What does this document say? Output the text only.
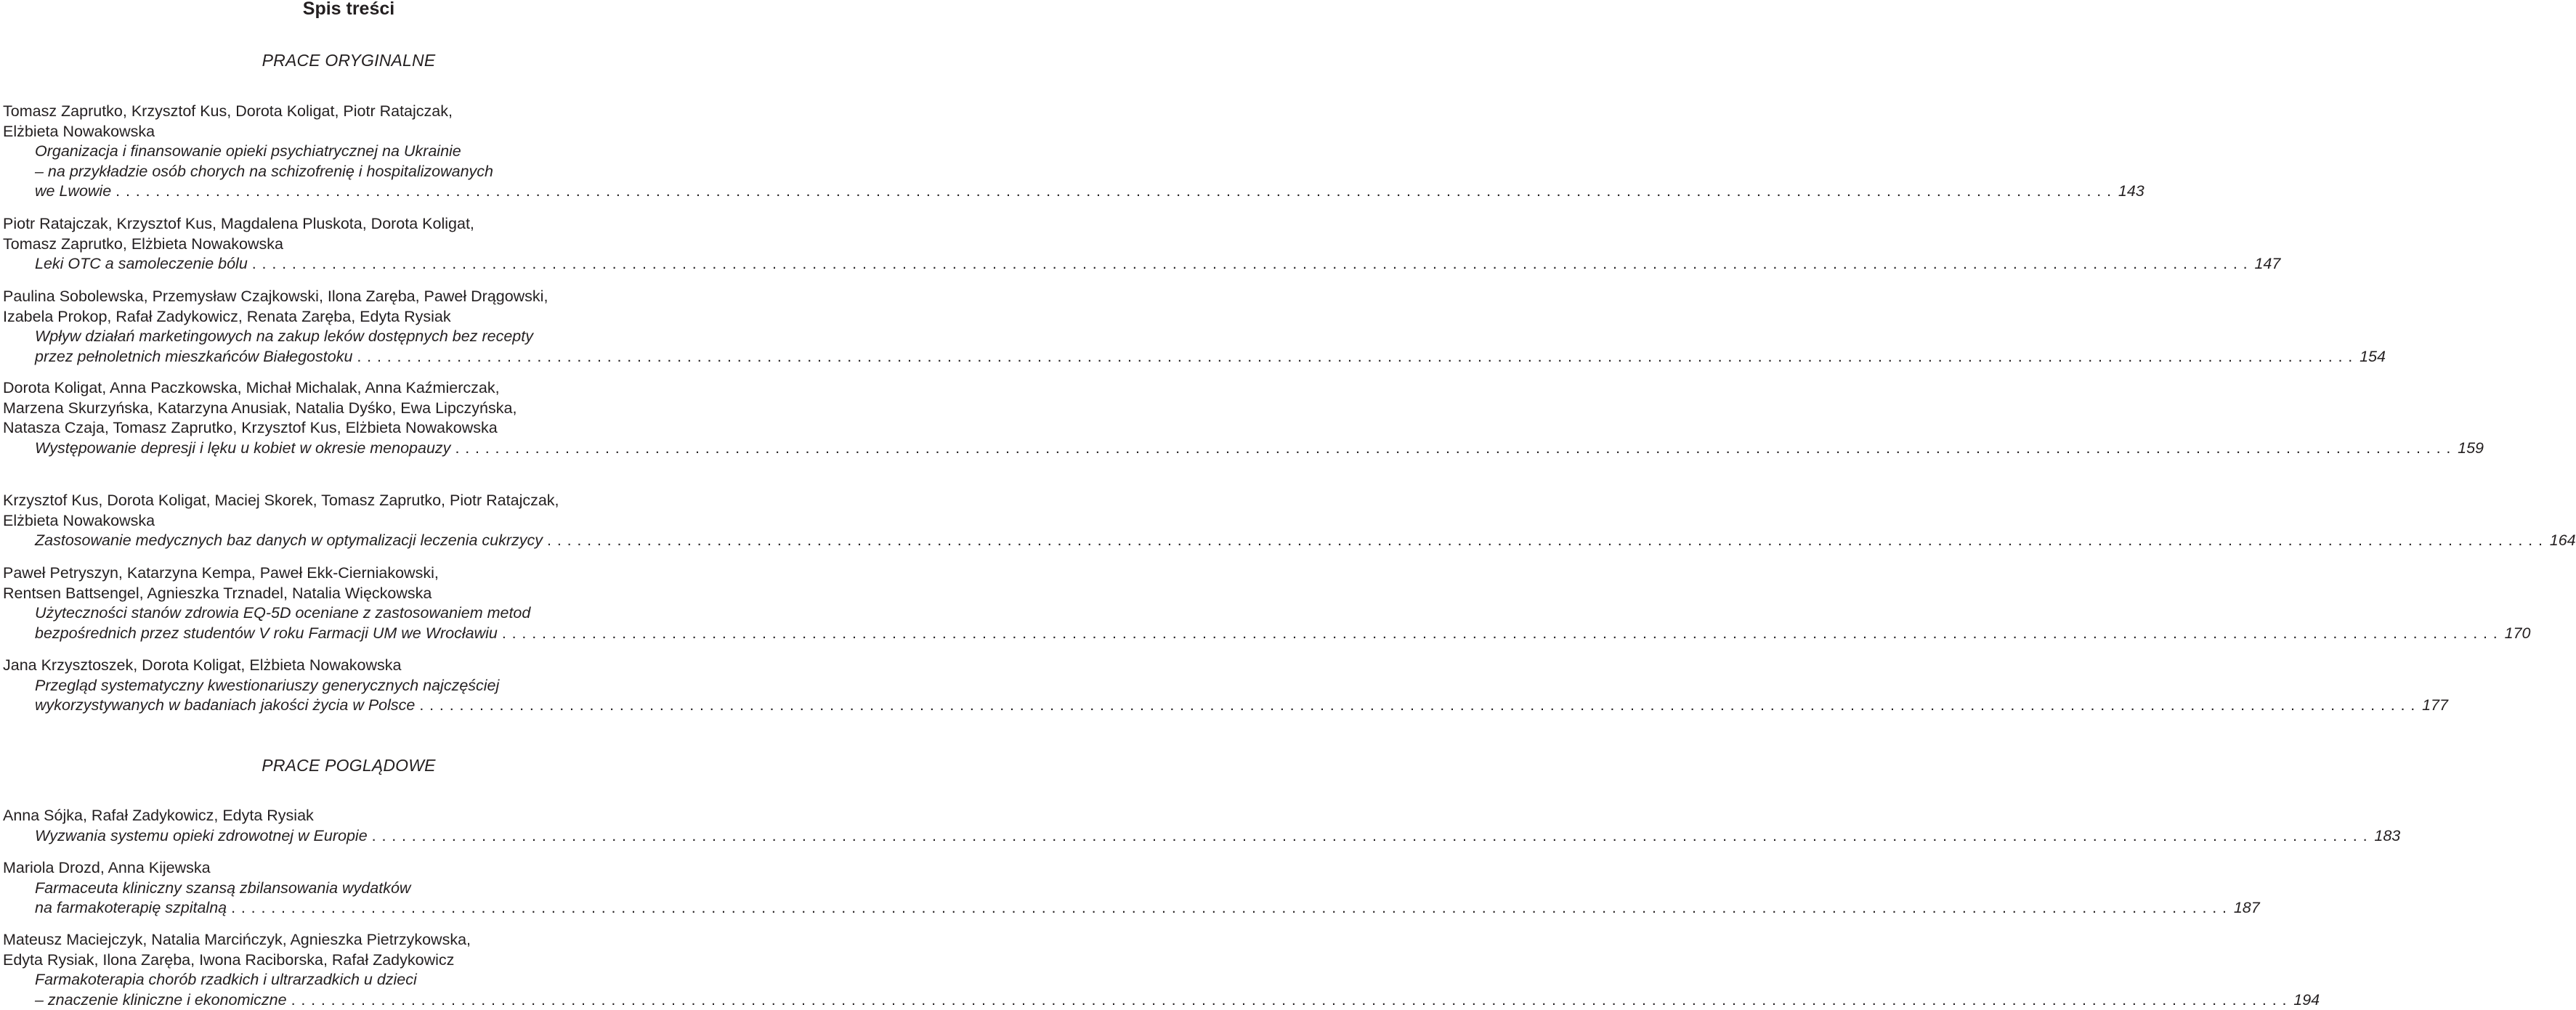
Spis treści
PRACE ORYGINALNE
Tomasz Zaprutko, Krzysztof Kus, Dorota Koligat, Piotr Ratajczak,
Elżbieta Nowakowska
Organizacja i finansowanie opieki psychiatrycznej na Ukrainie
– na przykładzie osób chorych na schizofrenię i hospitalizowanych
we Lwowie ........................................................................................................................................................................................................ 143
Piotr Ratajczak, Krzysztof Kus, Magdalena Pluskota, Dorota Koligat,
Tomasz Zaprutko, Elżbieta Nowakowska
Leki OTC a samoleczenie bólu ........................................................................................................................................................................................................ 147
Paulina Sobolewska, Przemysław Czajkowski, Ilona Zaręba, Paweł Drągowski,
Izabela Prokop, Rafał Zadykowicz, Renata Zaręba, Edyta Rysiak
Wpływ działań marketingowych na zakup leków dostępnych bez recepty
przez pełnoletnich mieszkańców Białegostoku ........................................................................................................................................................................................................ 154
Dorota Koligat, Anna Paczkowska, Michał Michalak, Anna Kaźmierczak,
Marzena Skurzyńska, Katarzyna Anusiak, Natalia Dyśko, Ewa Lipczyńska,
Natasza Czaja, Tomasz Zaprutko, Krzysztof Kus, Elżbieta Nowakowska
Występowanie depresji i lęku u kobiet w okresie menopauzy ........................................................................................................................................................................................................ 159
Krzysztof Kus, Dorota Koligat, Maciej Skorek, Tomasz Zaprutko, Piotr Ratajczak,
Elżbieta Nowakowska
Zastosowanie medycznych baz danych w optymalizacji leczenia cukrzycy ........................................................................................................................................................................................................ 164
Paweł Petryszyn, Katarzyna Kempa, Paweł Ekk-Cierniakowski,
Rentsen Battsengel, Agnieszka Trznadel, Natalia Więckowska
Użyteczności stanów zdrowia EQ-5D oceniane z zastosowaniem metod
bezpośrednich przez studentów V roku Farmacji UM we Wrocławiu ........................................................................................................................................................................................................ 170
Jana Krzysztoszek, Dorota Koligat, Elżbieta Nowakowska
Przegląd systematyczny kwestionariuszy generycznych najczęściej
wykorzystywanych w badaniach jakości życia w Polsce ........................................................................................................................................................................................................ 177
PRACE POGLĄDOWE
Anna Sójka, Rafał Zadykowicz, Edyta Rysiak
Wyzwania systemu opieki zdrowotnej w Europie ........................................................................................................................................................................................................ 183
Mariola Drozd, Anna Kijewska
Farmaceuta kliniczny szansą zbilansowania wydatków
na farmakoterapię szpitalną ........................................................................................................................................................................................................ 187
Mateusz Maciejczyk, Natalia Marcińczyk, Agnieszka Pietrzykowska,
Edyta Rysiak, Ilona Zaręba, Iwona Raciborska, Rafał Zadykowicz
Farmakoterapia chorób rzadkich i ultrarzadkich u dzieci
– znaczenie kliniczne i ekonomiczne ........................................................................................................................................................................................................ 194
